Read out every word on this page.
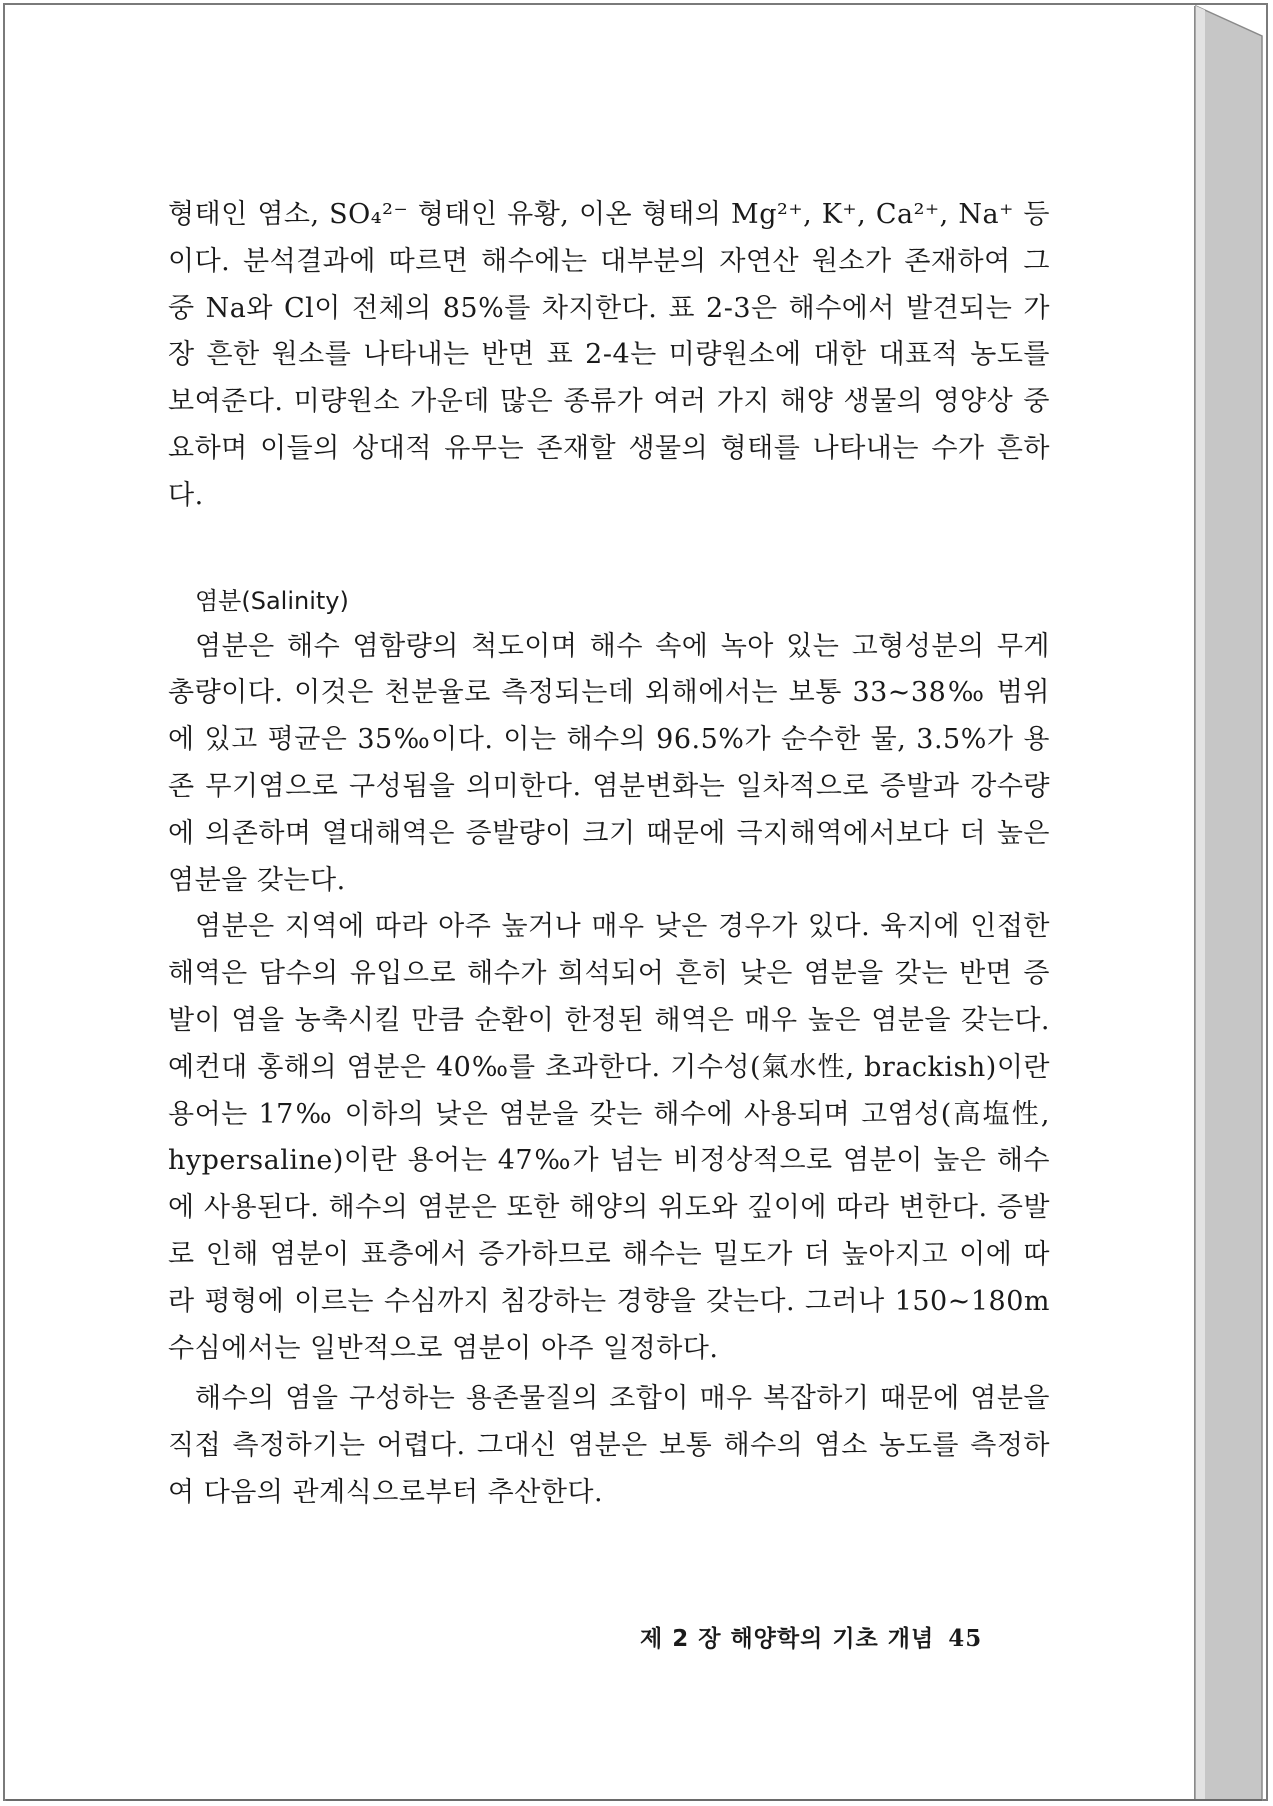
형태인 염소, SO₄²⁻ 형태인 유황, 이온 형태의 Mg²⁺, K⁺, Ca²⁺, Na⁺ 등이다. 분석결과에 따르면 해수에는 대부분의 자연산 원소가 존재하여 그 중 Na와 Cl이 전체의 85%를 차지한다. 표 2-3은 해수에서 발견되는 가장 흔한 원소를 나타내는 반면 표 2-4는 미량원소에 대한 대표적 농도를 보여준다. 미량원소 가운데 많은 종류가 여러 가지 해양 생물의 영양상 중요하며 이들의 상대적 유무는 존재할 생물의 형태를 나타내는 수가 흔하다.

염분(Salinity)

염분은 해수 염함량의 척도이며 해수 속에 녹아 있는 고형성분의 무게 총량이다. 이것은 천분율로 측정되는데 외해에서는 보통 33~38‰ 범위에 있고 평균은 35‰이다. 이는 해수의 96.5%가 순수한 물, 3.5%가 용존 무기염으로 구성됨을 의미한다. 염분변화는 일차적으로 증발과 강수량에 의존하며 열대해역은 증발량이 크기 때문에 극지해역에서보다 더 높은 염분을 갖는다.

염분은 지역에 따라 아주 높거나 매우 낮은 경우가 있다. 육지에 인접한 해역은 담수의 유입으로 해수가 희석되어 흔히 낮은 염분을 갖는 반면 증발이 염을 농축시킬 만큼 순환이 한정된 해역은 매우 높은 염분을 갖는다. 예컨대 홍해의 염분은 40‰를 초과한다. 기수성(氣水性, brackish)이란 용어는 17‰ 이하의 낮은 염분을 갖는 해수에 사용되며 고염성(高塩性, hypersaline)이란 용어는 47‰가 넘는 비정상적으로 염분이 높은 해수에 사용된다. 해수의 염분은 또한 해양의 위도와 깊이에 따라 변한다. 증발로 인해 염분이 표층에서 증가하므로 해수는 밀도가 더 높아지고 이에 따라 평형에 이르는 수심까지 침강하는 경향을 갖는다. 그러나 150~180m 수심에서는 일반적으로 염분이 아주 일정하다.

해수의 염을 구성하는 용존물질의 조합이 매우 복잡하기 때문에 염분을 직접 측정하기는 어렵다. 그대신 염분은 보통 해수의 염소 농도를 측정하여 다음의 관계식으로부터 추산한다.

제 2 장 해양학의 기초 개념 45
